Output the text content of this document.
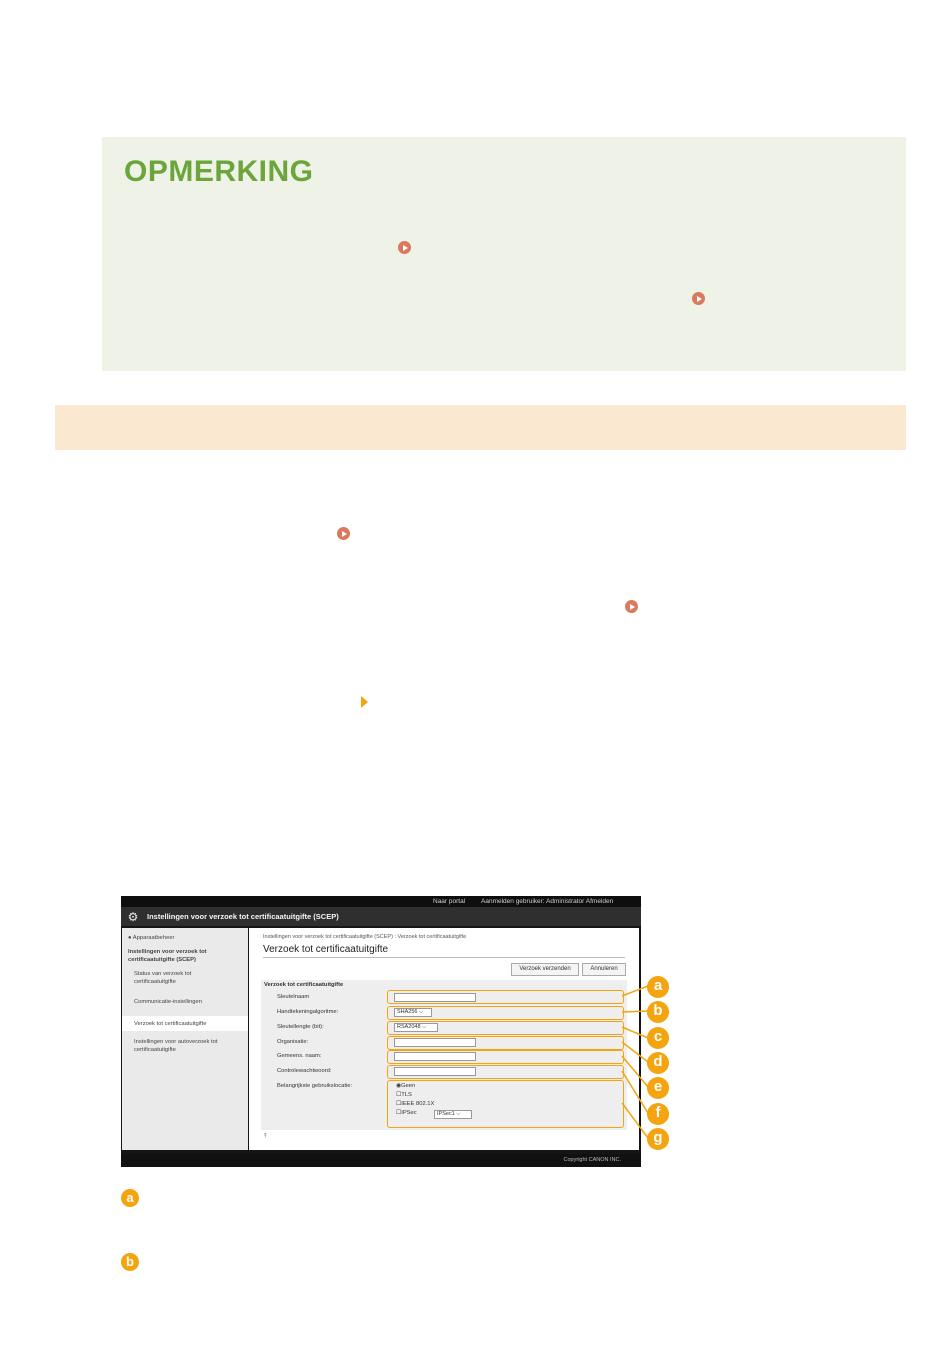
OPMERKING
Naar portal Aanmelden gebruiker: Administrator Afmelden
⚙ Instellingen voor verzoek tot certificaatuitgifte (SCEP)
● Apparaatbeheer
Instellingen voor verzoek tot
certificaatuitgifte (SCEP)
Status van verzoek tot
certificaatuitgifte
Communicatie-instellingen
Verzoek tot certificaatuitgifte
Instellingen voor autoverzoek tot
certificaatuitgifte
Instellingen voor verzoek tot certificaatuitgifte (SCEP) : Verzoek tot certificaatuitgifte
Verzoek tot certificaatuitgifte
Verzoek verzenden	Annuleren
Verzoek tot certificaatuitgifte
Sleutelnaam
Handtekeningalgoritme:	SHA256 ⌵
Sleutellengte (bit):	RSA2048 ⌵
Organisatie:
Gemeens. naam:
Controlewachtwoord:
Belangrijkste gebruikslocatie:	◉Geen
☐TLS
☐IEEE 802.1X
☐IPSec	IPSec1 ⌵
⤒
Copyright CANON INC.
a
b
c
d
e
f
g
a
b
